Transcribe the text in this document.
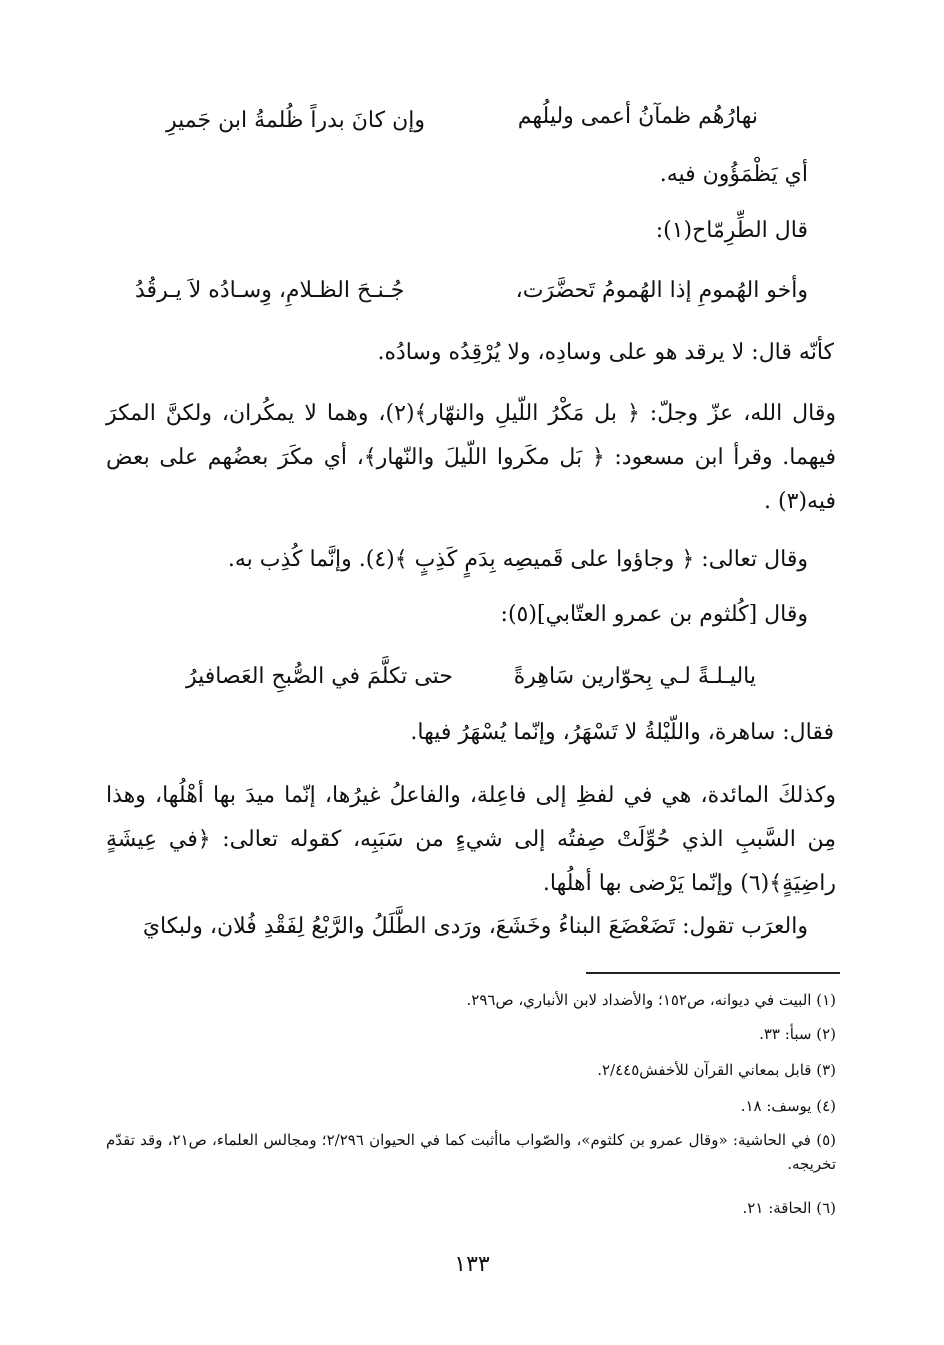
نهارُهُم ظمآنُ أعمى وليلُهم
وإن كانَ بدراً ظُلمةُ ابن جَميرِ
أي يَظْمَؤُون فيه.
قال الطِّرِمّاح(١):
وأخو الهُمومِ إذا الهُمومُ تَحضَّرَت،
جُـنـحَ الظـلامِ، وِسـادُه لاَ يـرقُدُ
كأنّه قال: لا يرقد هو على وسادِه، ولا يُرْقِدُه وسادُه.
وقال الله، عزّ وجلّ: ﴿ بل مَكْرُ اللّيلِ والنهّار﴾(٢)، وهما لا يمكُران، ولكنَّ المكرَ فيهما. وقرأ ابن مسعود: ﴿ بَل مكَروا اللّيلَ والنّهار﴾، أي مكَرَ بعضُهم على بعض فيه(٣) .
وقال تعالى: ﴿ وجاؤوا على قَميصِه بِدَمٍ كَذِبٍ ﴾(٤). وإنَّما كُذِب به.
وقال [كُلثوم بن عمرو العتّابي](٥):
ياليـلـةً لـي بِحوّارين سَاهِرةً
حتى تكلَّمَ في الصُّبحِ العَصافيرُ
فقال: ساهرة، واللّيْلةُ لا تَسْهَرُ، وإنّما يُسْهَرُ فيها.
وكذلكَ المائدة، هي في لفظِ إلى فاعِلة، والفاعلُ غيرُها، إنّما ميدَ بها أهْلُها، وهذا مِن السَّببِ الذي حُوِّلَتْ صِفتُه إلى شيءٍ من سَبَبِه، كقوله تعالى: ﴿في عِيشَةٍ راضِيَةٍ﴾(٦) وإنّما يَرْضى بها أهلُها.
والعرَب تقول: تَضَعْضَعَ البناءُ وخَشَعَ، ورَدى الطَّلَلُ والرَّبْعُ لِفَقْدِ فُلان، ولبكايَ
(١) البيت في ديوانه، ص١٥٢؛ والأضداد لابن الأنباري، ص٢٩٦.
(٢) سبأ: ٣٣.
(٣) قابل بمعاني القرآن للأخفش٢/٤٤٥.
(٤) يوسف: ١٨.
(٥) في الحاشية: «وقال عمرو بن كلثوم»، والصّواب ماأثبت كما في الحيوان ٢/٢٩٦؛ ومجالس العلماء، ص٢١، وقد تقدّم تخريجه.
(٦) الحاقة: ٢١.
١٣٣
